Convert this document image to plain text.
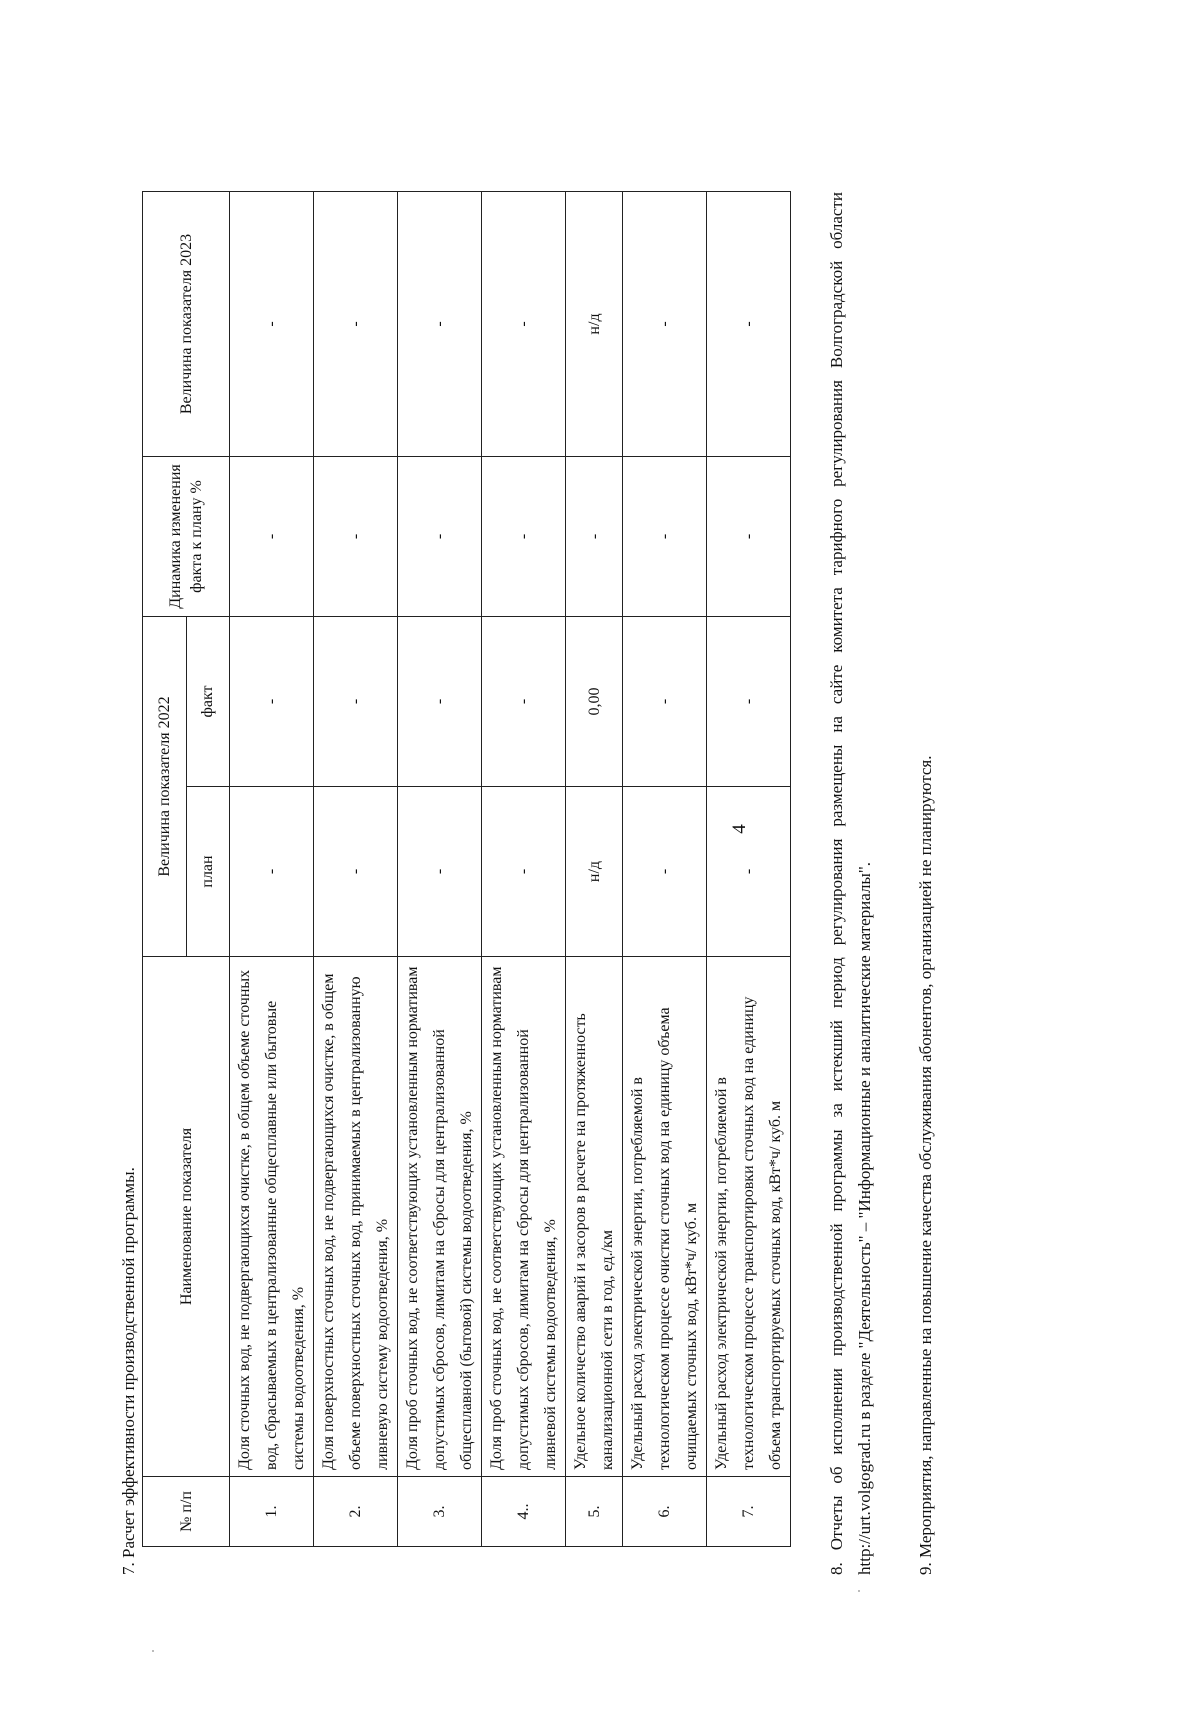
4
7. Расчет эффективности производственной программы. № п/п	Наименование показателя	Величина показателя 2022		Динамика изменения факта к плану %	Величина показателя 2023
		план	факт		
1.	Доля сточных вод, не подвергающихся очистке, в общем объеме сточных вод, сбрасываемых в централизованные общесплавные или бытовые системы водоотведения, %	-	-	-	-
2.	Доля поверхностных сточных вод, не подвергающихся очистке, в общем объеме поверхностных сточных вод, принимаемых в централизованную ливневую систему водоотведения, %	-	-	-	-
3.	Доля проб сточных вод, не соответствующих установленным нормативам допустимых сбросов, лимитам на сбросы для централизованной общесплавной (бытовой) системы водоотведения, %	-	-	-	-
4..	Доля проб сточных вод, не соответствующих установленным нормативам допустимых сбросов, лимитам на сбросы для централизованной ливневой системы водоотведения, %	-	-	-	-
5.	Удельное количество аварий и засоров в расчете на протяженность канализационной сети в год, ед./км	н/д	0,00	-	н/д
6.	Удельный расход электрической энергии, потребляемой в технологическом процессе очистки сточных вод на единицу объема очищаемых сточных вод, кВт*ч/ куб. м	-	-	-	-
7.	Удельный расход электрической энергии, потребляемой в технологическом процессе транспортировки сточных вод на единицу объема транспортируемых сточных вод, кВт*ч/ куб. м	-	-	-	-	8. Отчеты об исполнении производственной программы за истекший период регулирования размещены на сайте комитета тарифного регулирования Волгоградской области http://urt.volgograd.ru в разделе "Деятельность" – "Информационные и аналитические материалы". 9. Мероприятия, направленные на повышение качества обслуживания абонентов, организацией не планируются.
